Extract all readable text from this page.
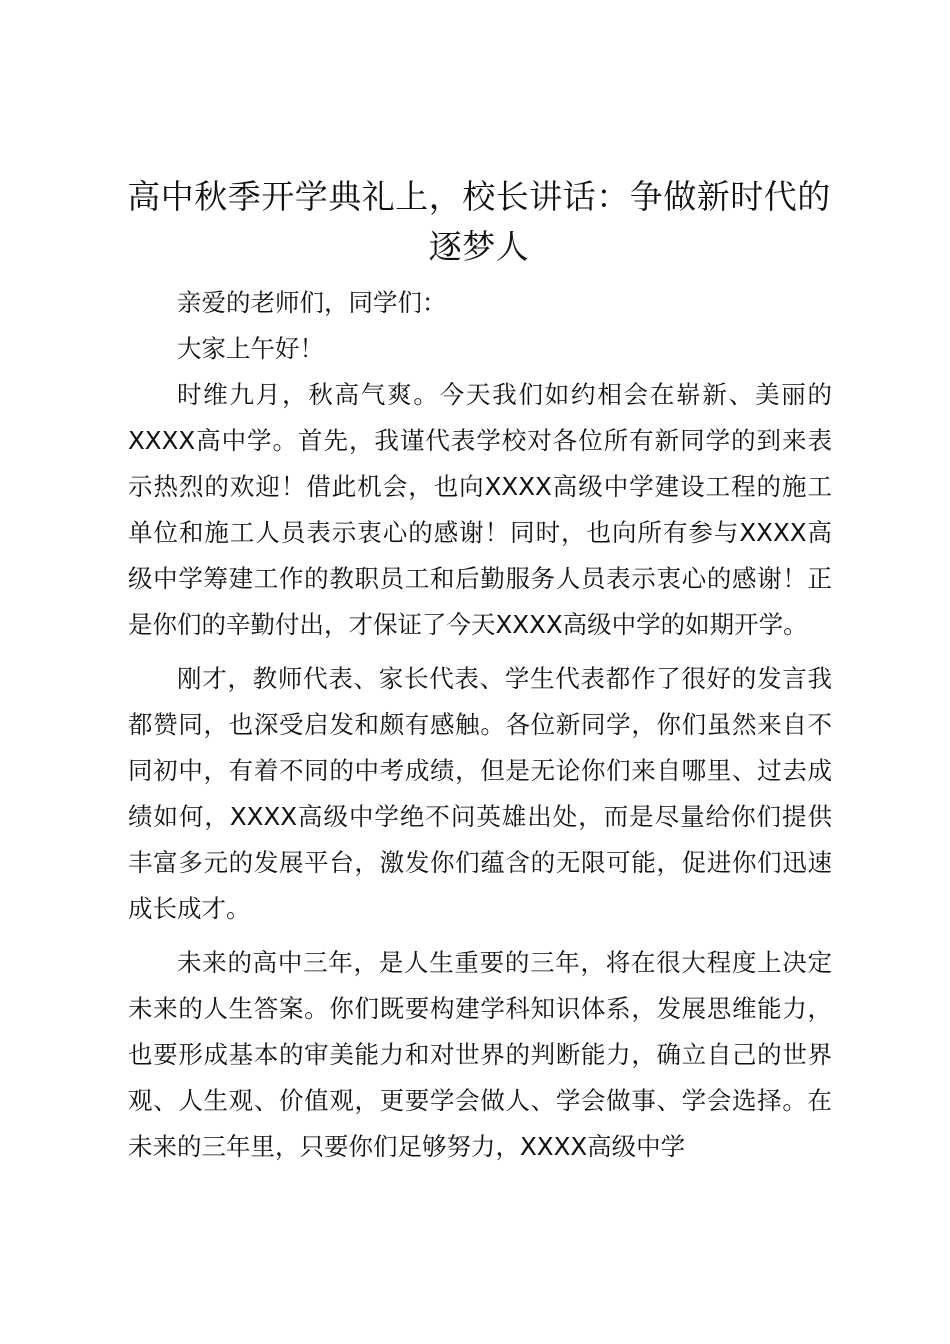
高中秋季开学典礼上，校长讲话：争做新时代的逐梦人

亲爱的老师们，同学们：

大家上午好！

时维九月，秋高气爽。今天我们如约相会在崭新、美丽的XXXX高中学。首先，我谨代表学校对各位所有新同学的到来表示热烈的欢迎！借此机会，也向XXXX高级中学建设工程的施工单位和施工人员表示衷心的感谢！同时，也向所有参与XXXX高级中学筹建工作的教职员工和后勤服务人员表示衷心的感谢！正是你们的辛勤付出，才保证了今天XXXX高级中学的如期开学。

刚才，教师代表、家长代表、学生代表都作了很好的发言我都赞同，也深受启发和颇有感触。各位新同学，你们虽然来自不同初中，有着不同的中考成绩，但是无论你们来自哪里、过去成绩如何，XXXX高级中学绝不问英雄出处，而是尽量给你们提供丰富多元的发展平台，激发你们蕴含的无限可能，促进你们迅速成长成才。

未来的高中三年，是人生重要的三年，将在很大程度上决定未来的人生答案。你们既要构建学科知识体系，发展思维能力，也要形成基本的审美能力和对世界的判断能力，确立自己的世界观、人生观、价值观，更要学会做人、学会做事、学会选择。在未来的三年里，只要你们足够努力，XXXX高级中学
